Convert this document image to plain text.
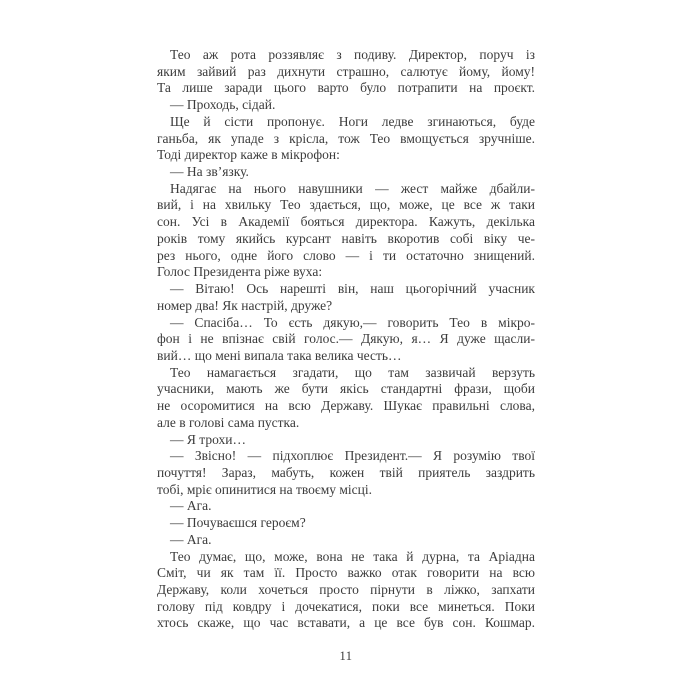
Тео аж рота роззявляє з подиву. Директор, поруч із
яким зайвий раз дихнути страшно, салютує йому, йому!
Та лише заради цього варто було потрапити на проєкт.
— Проходь, сідай.
Ще й сісти пропонує. Ноги ледве згинаються, буде
ганьба, як упаде з крісла, тож Тео вмощується зручніше.
Тоді директор каже в мікрофон:
— На зв’язку.
Надягає на нього навушники — жест майже дбайли-
вий, і на хвильку Тео здається, що, може, це все ж таки
сон. Усі в Академії бояться директора. Кажуть, декілька
років тому якийсь курсант навіть вкоротив собі віку че-
рез нього, одне його слово — і ти остаточно знищений.
Голос Президента ріже вуха:
— Вітаю! Ось нарешті він, наш цьогорічний учасник
номер два! Як настрій, друже?
— Спасіба… То єсть дякую,— говорить Тео в мікро-
фон і не впізнає свій голос.— Дякую, я… Я дуже щасли-
вий… що мені випала така велика честь…
Тео намагається згадати, що там зазвичай верзуть
учасники, мають же бути якісь стандартні фрази, щоби
не осоромитися на всю Державу. Шукає правильні слова,
але в голові сама пустка.
— Я трохи…
— Звісно! — підхоплює Президент.— Я розумію твої
почуття! Зараз, мабуть, кожен твій приятель заздрить
тобі, мріє опинитися на твоєму місці.
— Ага.
— Почуваєшся героєм?
— Ага.
Тео думає, що, може, вона не така й дурна, та Аріадна
Сміт, чи як там її. Просто важко отак говорити на всю
Державу, коли хочеться просто пірнути в ліжко, запхати
голову під ковдру і дочекатися, поки все минеться. Поки
хтось скаже, що час вставати, а це все був сон. Кошмар.
11
